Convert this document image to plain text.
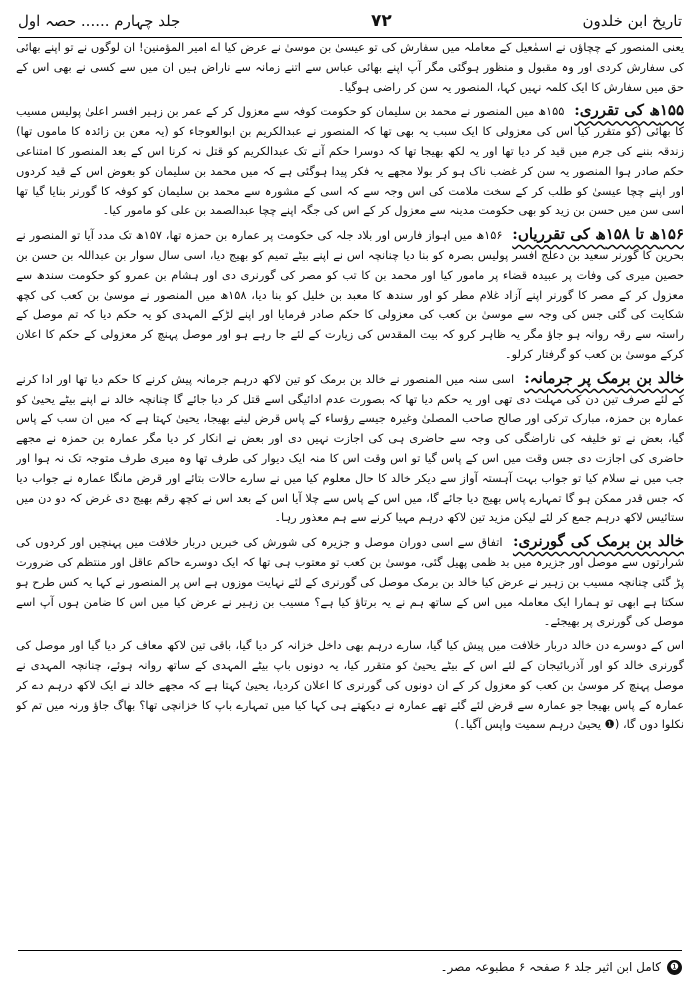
تاریخ ابن خلدون
۷۲
جلد چہارم ...... حصہ اول

یعنی المنصور کے چچاؤں نے اسمٰعیل کے معاملہ میں سفارش کی تو عیسیٰ بن موسیٰ نے عرض کیا اے امیر المؤمنین! ان لوگوں نے تو اپنے بھائی کی سفارش کردی اور وہ مقبول و منظور ہوگئی مگر آپ اپنے بھائی عباس سے اتنے زمانہ سے ناراض ہیں ان میں سے کسی نے بھی اس کے حق میں سفارش کا ایک کلمہ نہیں کہا، المنصور یہ سن کر راضی ہوگیا۔

۱۵۵ھ کی تقرری: ۱۵۵ھ میں المنصور نے محمد بن سلیمان کو حکومت کوفہ سے معزول کر کے عمر بن زہیر افسر اعلیٰ پولیس مسیب کا بھائی (کو متقرر کیا اس کی معزولی کا ایک سبب یہ بھی تھا کہ المنصور نے عبدالکریم بن ابوالعوجاء کو (یہ معن بن زائدہ کا ماموں تھا) زندقہ بننے کی جرم میں قید کر دیا تھا اور یہ لکھ بھیجا تھا کہ دوسرا حکم آنے تک عبدالکریم کو قتل نہ کرنا اس کے بعد المنصور کا امتناعی حکم صادر ہوا المنصور یہ سن کر غضب ناک ہو کر بولا مجھے یہ فکر پیدا ہوگئی ہے کہ میں محمد بن سلیمان کو بعوض اس کے قید کردوں اور اپنے چچا عیسیٰ کو طلب کر کے سخت ملامت کی اس وجہ سے کہ اسی کے مشورہ سے محمد بن سلیمان کو کوفہ کا گورنر بنایا گیا تھا اسی سن میں حسن بن زید کو بھی حکومت مدینہ سے معزول کر کے اس کی جگہ اپنے چچا عبدالصمد بن علی کو مامور کیا۔

۱۵۶ھ تا ۱۵۸ھ کی تقرریاں: ۱۵۶ھ میں اہواز فارس اور بلاد جلہ کی حکومت پر عمارہ بن حمزہ تھا، ۱۵۷ھ تک مدد آیا تو المنصور نے بحرین کا گورنر سعید بن دعلج افسر پولیس بصرہ کو بنا دیا چنانچہ اس نے اپنے بیٹے تمیم کو بھیج دیا، اسی سال سوار بن عبداللہ بن حسن بن حصین میری کی وفات پر عبیدہ قضاء پر مامور کیا اور محمد بن کا تب کو مصر کی گورنری دی اور ہشام بن عمرو کو حکومت سندھ سے معزول کر کے مصر کا گورنر اپنے آزاد غلام مطر کو اور سندھ کا معبد بن خلیل کو بنا دیا، ۱۵۸ھ میں المنصور نے موسیٰ بن کعب کی کچھ شکایت کی گئی جس کی وجہ سے موسیٰ بن کعب کی معزولی کا حکم صادر فرمایا اور اپنے لڑکے المہدی کو یہ حکم دیا کہ تم موصل کے راستہ سے رقہ روانہ ہو جاؤ مگر یہ ظاہر کرو کہ بیت المقدس کی زیارت کے لئے جا رہے ہو اور موصل پہنچ کر معزولی کے حکم کا اعلان کرکے موسیٰ بن کعب کو گرفتار کرلو۔

خالد بن برمک پر جرمانہ: اسی سنہ میں المنصور نے خالد بن برمک کو تین لاکھ درہم جرمانہ پیش کرنے کا حکم دیا تھا اور ادا کرنے کے لئے صرف تین دن کی مہلت دی تھی اور یہ حکم دیا تھا کہ بصورت عدم ادائیگی اسے قتل کر دیا جائے گا چنانچہ خالد نے اپنے بیٹے یحییٰ کو عمارہ بن حمزہ، مبارک ترکی اور صالح صاحب المصلیٰ وغیرہ جیسے رؤساء کے پاس قرض لینے بھیجا، یحییٰ کہتا ہے کہ میں ان سب کے پاس گیا، بعض نے تو خلیفہ کی ناراضگی کی وجہ سے حاضری ہی کی اجازت نہیں دی اور بعض نے انکار کر دیا مگر عمارہ بن حمزہ نے مجھے حاضری کی اجازت دی جس وقت میں اس کے پاس گیا تو اس وقت اس کا منہ ایک دیوار کی طرف تھا وہ میری طرف متوجہ تک نہ ہوا اور جب میں نے سلام کیا تو جواب بہت آہستہ آواز سے دیکر خالد کا حال معلوم کیا میں نے سارے حالات بتائے اور قرض مانگا عمارہ نے جواب دیا کہ جس قدر ممکن ہو گا تمہارے پاس بھیج دیا جائے گا، میں اس کے پاس سے چلا آیا اس کے بعد اس نے کچھ رقم بھیج دی غرض کہ دو دن میں ستائیس لاکھ درہم جمع کر لئے لیکن مزید تین لاکھ درہم مہیا کرنے سے ہم معذور رہا۔

خالد بن برمک کی گورنری: اتفاق سے اسی دوران موصل و جزیرہ کی شورش کی خبریں دربار خلافت میں پہنچیں اور کردوں کی شرارتوں سے موصل اور جزیرہ میں بد ظمی پھیل گئی، موسیٰ بن کعب تو معتوب ہی تھا کہ ایک دوسرے حاکم عاقل اور منتظم کی ضرورت پڑ گئی چنانچہ مسیب بن زہیر نے عرض کیا خالد بن برمک موصل کی گورنری کے لئے نہایت موزوں ہے اس پر المنصور نے کہا یہ کس طرح ہو سکتا ہے ابھی تو ہمارا ایک معاملہ میں اس کے ساتھ ہم نے یہ برتاؤ کیا ہے؟ مسیب بن زہیر نے عرض کیا میں اس کا ضامن ہوں آپ اسے موصل کی گورنری پر بھیجئے۔

اس کے دوسرے دن خالد دربار خلافت میں پیش کیا گیا، سارے درہم بھی داخل خزانہ کر دیا گیا، باقی تین لاکھ معاف کر دیا گیا اور موصل کی گورنری خالد کو اور آذربائیجان کے لئے اس کے بیٹے یحییٰ کو متقرر کیا، یہ دونوں باپ بیٹے المہدی کے ساتھ روانہ ہوئے، چنانچہ المہدی نے موصل پہنچ کر موسیٰ بن کعب کو معزول کر کے ان دونوں کی گورنری کا اعلان کردیا، یحییٰ کہتا ہے کہ مجھے خالد نے ایک لاکھ درہم دے کر عمارہ کے پاس بھیجا جو عمارہ سے قرض لئے گئے تھے عمارہ نے دیکھتے ہی کہا کیا میں تمہارے باپ کا خزانچی تھا؟ بھاگ جاؤ ورنہ میں تم کو نکلوا دوں گا، (❶ یحییٰ درہم سمیت واپس آگیا۔)

❶
کامل ابن اثیر جلد ۶ صفحہ ۶ مطبوعہ مصر۔
